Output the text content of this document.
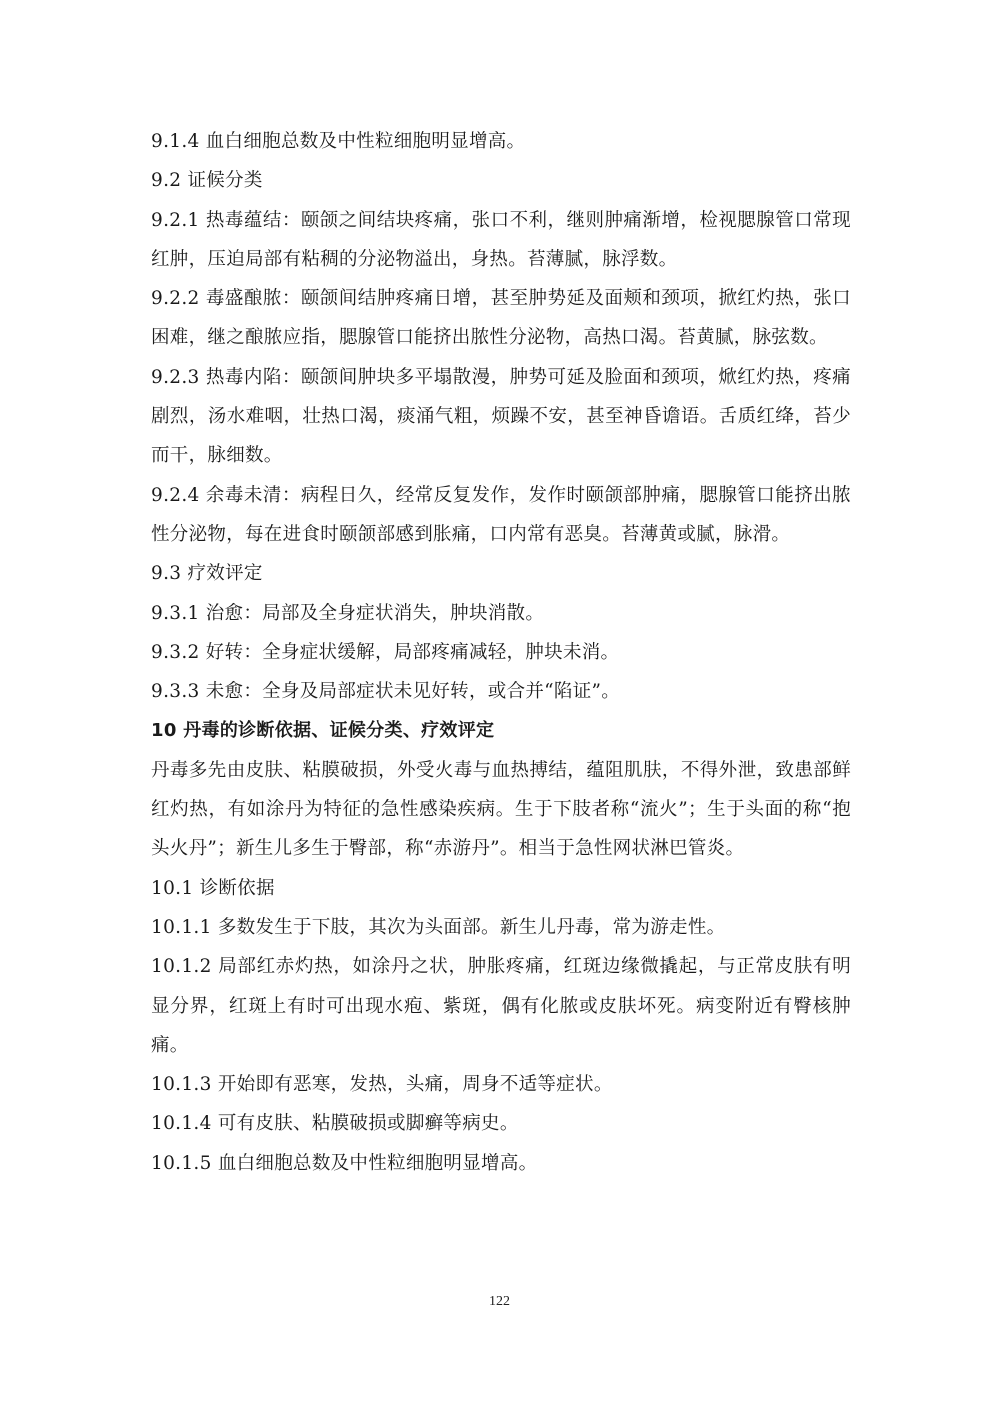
9.1.4 血白细胞总数及中性粒细胞明显增高。

9.2 证候分类

9.2.1 热毒蕴结：颐颌之间结块疼痛，张口不利，继则肿痛渐增，检视腮腺管口常现红肿，压迫局部有粘稠的分泌物溢出，身热。苔薄腻，脉浮数。

9.2.2 毒盛酿脓：颐颌间结肿疼痛日增，甚至肿势延及面颊和颈项，掀红灼热，张口困难，继之酿脓应指，腮腺管口能挤出脓性分泌物，高热口渴。苔黄腻，脉弦数。

9.2.3 热毒内陷：颐颌间肿块多平塌散漫，肿势可延及脸面和颈项，焮红灼热，疼痛剧烈，汤水难咽，壮热口渴，痰涌气粗，烦躁不安，甚至神昏谵语。舌质红绛，苔少而干，脉细数。

9.2.4 余毒未清：病程日久，经常反复发作，发作时颐颌部肿痛，腮腺管口能挤出脓性分泌物，每在进食时颐颌部感到胀痛，口内常有恶臭。苔薄黄或腻，脉滑。

9.3 疗效评定

9.3.1 治愈：局部及全身症状消失，肿块消散。

9.3.2 好转：全身症状缓解，局部疼痛减轻，肿块未消。

9.3.3 未愈：全身及局部症状未见好转，或合并“陷证”。

10 丹毒的诊断依据、证候分类、疗效评定

丹毒多先由皮肤、粘膜破损，外受火毒与血热搏结，蕴阻肌肤，不得外泄，致患部鲜红灼热，有如涂丹为特征的急性感染疾病。生于下肢者称“流火”；生于头面的称“抱头火丹”；新生儿多生于臀部，称“赤游丹”。相当于急性网状淋巴管炎。

10.1 诊断依据

10.1.1 多数发生于下肢，其次为头面部。新生儿丹毒，常为游走性。

10.1.2 局部红赤灼热，如涂丹之状，肿胀疼痛，红斑边缘微撬起，与正常皮肤有明显分界，红斑上有时可出现水疱、紫斑，偶有化脓或皮肤坏死。病变附近有臀核肿痛。

10.1.3 开始即有恶寒，发热，头痛，周身不适等症状。

10.1.4 可有皮肤、粘膜破损或脚癣等病史。

10.1.5 血白细胞总数及中性粒细胞明显增高。

122
